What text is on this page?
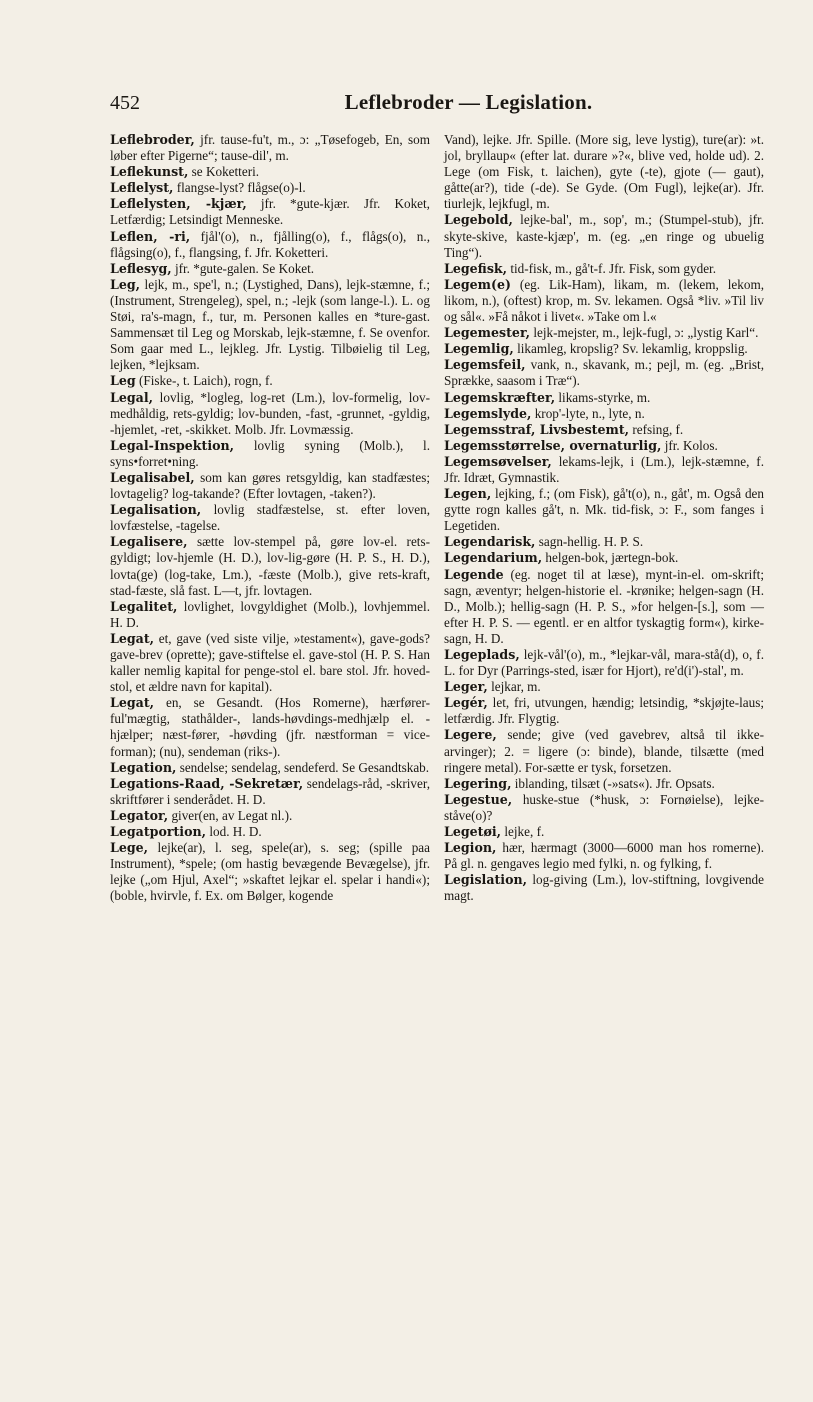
452	Leflebroder — Legislation.
Leflebroder, jfr. tause-fu't, m., ɔ: „Tøsefogeb, En, som løber efter Pigerne“; tause-dil', m.
Leflekunst, se Koketteri.
Leflelyst, flangse-lyst? flågse(o)-l.
Leflelysten, -kjær, jfr. *gute-kjær. Jfr. Koket, Letfærdig; Letsindigt Menneske.
Leflen, -ri, fjål'(o), n., fjålling(o), f., flågs(o), n., flågsing(o), f., flangsing, f. Jfr. Koketteri.
Leflesyg, jfr. *gute-galen. Se Koket.
Leg, lejk, m., spe'l, n.; (Lystighed, Dans), lejk-stæmne, f.; (Instrument, Strengeleg), spel, n.; -lejk (som lange-l.). L. og Støi, ra's-magn, f., tur, m. Personen kalles en *ture-gast. Sammensæt til Leg og Morskab, lejk-stæmne, f. Se ovenfor. Som gaar med L., lejkleg. Jfr. Lystig. Tilbøielig til Leg, lejken, *lejksam.
Leg (Fiske-, t. Laich), rogn, f.
Legal, lovlig, *logleg, log-ret (Lm.), lov-formelig, lov-medhåldig, rets-gyldig; lov-bunden, -fast, -grunnet, -gyldig, -hjemlet, -ret, -skikket. Molb. Jfr. Lovmæssig.
Legal-Inspektion, lovlig syning (Molb.), l. syns•forret•ning.
Legalisabel, som kan gøres retsgyldig, kan stadfæstes; lovtagelig? log-takande? (Efter lovtagen, -taken?).
Legalisation, lovlig stadfæstelse, st. efter loven, lovfæstelse, -tagelse.
Legalisere, sætte lov-stempel på, gøre lov-el. rets-gyldigt; lov-hjemle (H. D.), lov-lig-gøre (H. P. S., H. D.), lovta(ge) (log-take, Lm.), -fæste (Molb.), give rets-kraft, stad-fæste, slå fast. L—t, jfr. lovtagen.
Legalitet, lovlighet, lovgyldighet (Molb.), lovhjemmel. H. D.
Legat, et, gave (ved siste vilje, »testament«), gave-gods? gave-brev (oprette); gave-stiftelse el. gave-stol (H. P. S. Han kaller nemlig kapital for penge-stol el. bare stol. Jfr. hoved-stol, et ældre navn for kapital).
Legat, en, se Gesandt. (Hos Romerne), hærfører-ful'mægtig, stathålder-, lands-høvdings-medhjælp el. -hjælper; næst-fører, -høvding (jfr. næstforman = vice-forman); (nu), sendeman (riks-).
Legation, sendelse; sendelag, sendeferd. Se Gesandtskab.
Legations-Raad, -Sekretær, sendelags-råd, -skriver, skriftfører i senderådet. H. D.
Legator, giver(en, av Legat nl.).
Legatportion, lod. H. D.
Lege, lejke(ar), l. seg, spele(ar), s. seg; (spille paa Instrument), *spele; (om hastig bevægende Bevægelse), jfr. lejke („om Hjul, Axel“; »skaftet lejkar el. spelar i handi«); (boble, hvirvle, f. Ex. om Bølger, kogende
Vand), lejke. Jfr. Spille. (More sig, leve lystig), ture(ar): »t. jol, bryllaup« (efter lat. durare »?«, blive ved, holde ud). 2. Lege (om Fisk, t. laichen), gyte (-te), gjote (— gaut), gåtte(ar?), tide (-de). Se Gyde. (Om Fugl), lejke(ar). Jfr. tiurlejk, lejkfugl, m.
Legebold, lejke-bal', m., sop', m.; (Stumpel-stub), jfr. skyte-skive, kaste-kjæp', m. (eg. „en ringe og ubuelig Ting“).
Legefisk, tid-fisk, m., gå't-f. Jfr. Fisk, som gyder.
Legem(e) (eg. Lik-Ham), likam, m. (lekem, lekom, likom, n.), (oftest) krop, m. Sv. lekamen. Også *liv. »Til liv og sål«. »Få nåkot i livet«. »Take om l.«
Legemester, lejk-mejster, m., lejk-fugl, ɔ: „lystig Karl“.
Legemlig, likamleg, kropslig? Sv. lekamlig, kroppslig.
Legemsfeil, vank, n., skavank, m.; pejl, m. (eg. „Brist, Sprække, saasom i Træ“).
Legemskræfter, likams-styrke, m.
Legemslyde, krop'-lyte, n., lyte, n.
Legemsstraf, Livsbestemt, refsing, f.
Legemsstørrelse, overnaturlig, jfr. Kolos.
Legemsøvelser, lekams-lejk, i (Lm.), lejk-stæmne, f. Jfr. Idræt, Gymnastik.
Legen, lejking, f.; (om Fisk), gå't(o), n., gåt', m. Også den gytte rogn kalles gå't, n. Mk. tid-fisk, ɔ: F., som fanges i Legetiden.
Legendarisk, sagn-hellig. H. P. S.
Legendarium, helgen-bok, jærtegn-bok.
Legende (eg. noget til at læse), mynt-in-el. om-skrift; sagn, æventyr; helgen-historie el. -krønike; helgen-sagn (H. D., Molb.); hellig-sagn (H. P. S., »for helgen-[s.], som — efter H. P. S. — egentl. er en altfor tyskagtig form«), kirke-sagn, H. D.
Legeplads, lejk-vål'(o), m., *lejkar-vål, mara-stå(d), o, f. L. for Dyr (Parrings-sted, især for Hjort), re'd(i')-stal', m.
Leger, lejkar, m.
Legér, let, fri, utvungen, hændig; letsindig, *skjøjte-laus; letfærdig. Jfr. Flygtig.
Legere, sende; give (ved gavebrev, altså til ikke-arvinger); 2. = ligere (ɔ: binde), blande, tilsætte (med ringere metal). For-sætte er tysk, forsetzen.
Legering, iblanding, tilsæt (-»sats«). Jfr. Opsats.
Legestue, huske-stue (*husk, ɔ: Fornøielse), lejke-ståve(o)?
Legetøi, lejke, f.
Legion, hær, hærmagt (3000—6000 man hos romerne). På gl. n. gengaves legio med fylki, n. og fylking, f.
Legislation, log-giving (Lm.), lov-stiftning, lovgivende magt.
